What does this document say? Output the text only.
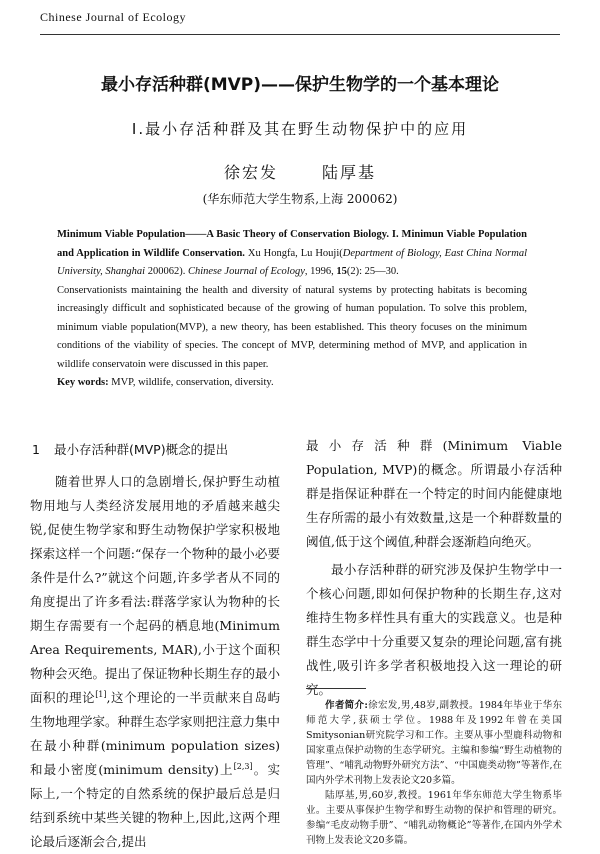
Chinese Journal of Ecology
最小存活种群(MVP)——保护生物学的一个基本理论
Ⅰ.最小存活种群及其在野生动物保护中的应用
徐宏发	陆厚基
(华东师范大学生物系,上海 200062)

Minimum Viable Population——A Basic Theory of Conservation Biology. I. Minimun Viable Population and Application in Wildlife Conservation. Xu Hongfa, Lu Houji(Department of Biology, East China Normal University, Shanghai 200062). Chinese Journal of Ecology, 1996, 15(2): 25—30.

Conservationists maintaining the health and diversity of natural systems by protecting habitats is becoming increasingly difficult and sophisticated because of the growing of human population. To solve this problem, minimum viable population(MVP), a new theory, has been established. This theory focuses on the minimum conditions of the viability of species. The concept of MVP, determining method of MVP, and application in wildlife conservatoin were discussed in this paper.

Key words: MVP, wildlife, conservation, diversity.

1 最小存活种群(MVP)概念的提出

随着世界人口的急剧增长,保护野生动植物用地与人类经济发展用地的矛盾越来越尖锐,促使生物学家和野生动物保护学家积极地探索这样一个问题:“保存一个物种的最小必要条件是什么?”就这个问题,许多学者从不同的角度提出了许多看法:群落学家认为物种的长期生存需要有一个起码的栖息地(Minimum Area Requirements, MAR),小于这个面积物种会灭绝。提出了保证物种长期生存的最小面积的理论[1],这个理论的一半贡献来自岛屿生物地理学家。种群生态学家则把注意力集中在最小种群(minimum population sizes)和最小密度(minimum density)上[2,3]。实际上,一个特定的自然系统的保护最后总是归结到系统中某些关键的物种上,因此,这两个理论最后逐渐会合,提出

最小存活种群(Minimum Viable Population, MVP)的概念。所谓最小存活种群是指保证种群在一个特定的时间内能健康地生存所需的最小有效数量,这是一个种群数量的阈值,低于这个阈值,种群会逐渐趋向绝灭。

最小存活种群的研究涉及保护生物学中一个核心问题,即如何保护物种的长期生存,这对维持生物多样性具有重大的实践意义。也是种群生态学中十分重要又复杂的理论问题,富有挑战性,吸引许多学者积极地投入这一理论的研究。

作者简介:徐宏发,男,48岁,副教授。1984年毕业于华东师范大学,获硕士学位。1988年及1992年曾在美国Smitysonian研究院学习和工作。主要从事小型鹿科动物和国家重点保护动物的生态学研究。主编和参编“野生动植物的管理”、“哺乳动物野外研究方法”、“中国鹿类动物”等著作,在国内外学术刊物上发表论文20多篇。

陆厚基,男,60岁,教授。1961年华东师范大学生物系毕业。主要从事保护生物学和野生动物的保护和管理的研究。参编“毛皮动物手册”、“哺乳动物概论”等著作,在国内外学术刊物上发表论文20多篇。
